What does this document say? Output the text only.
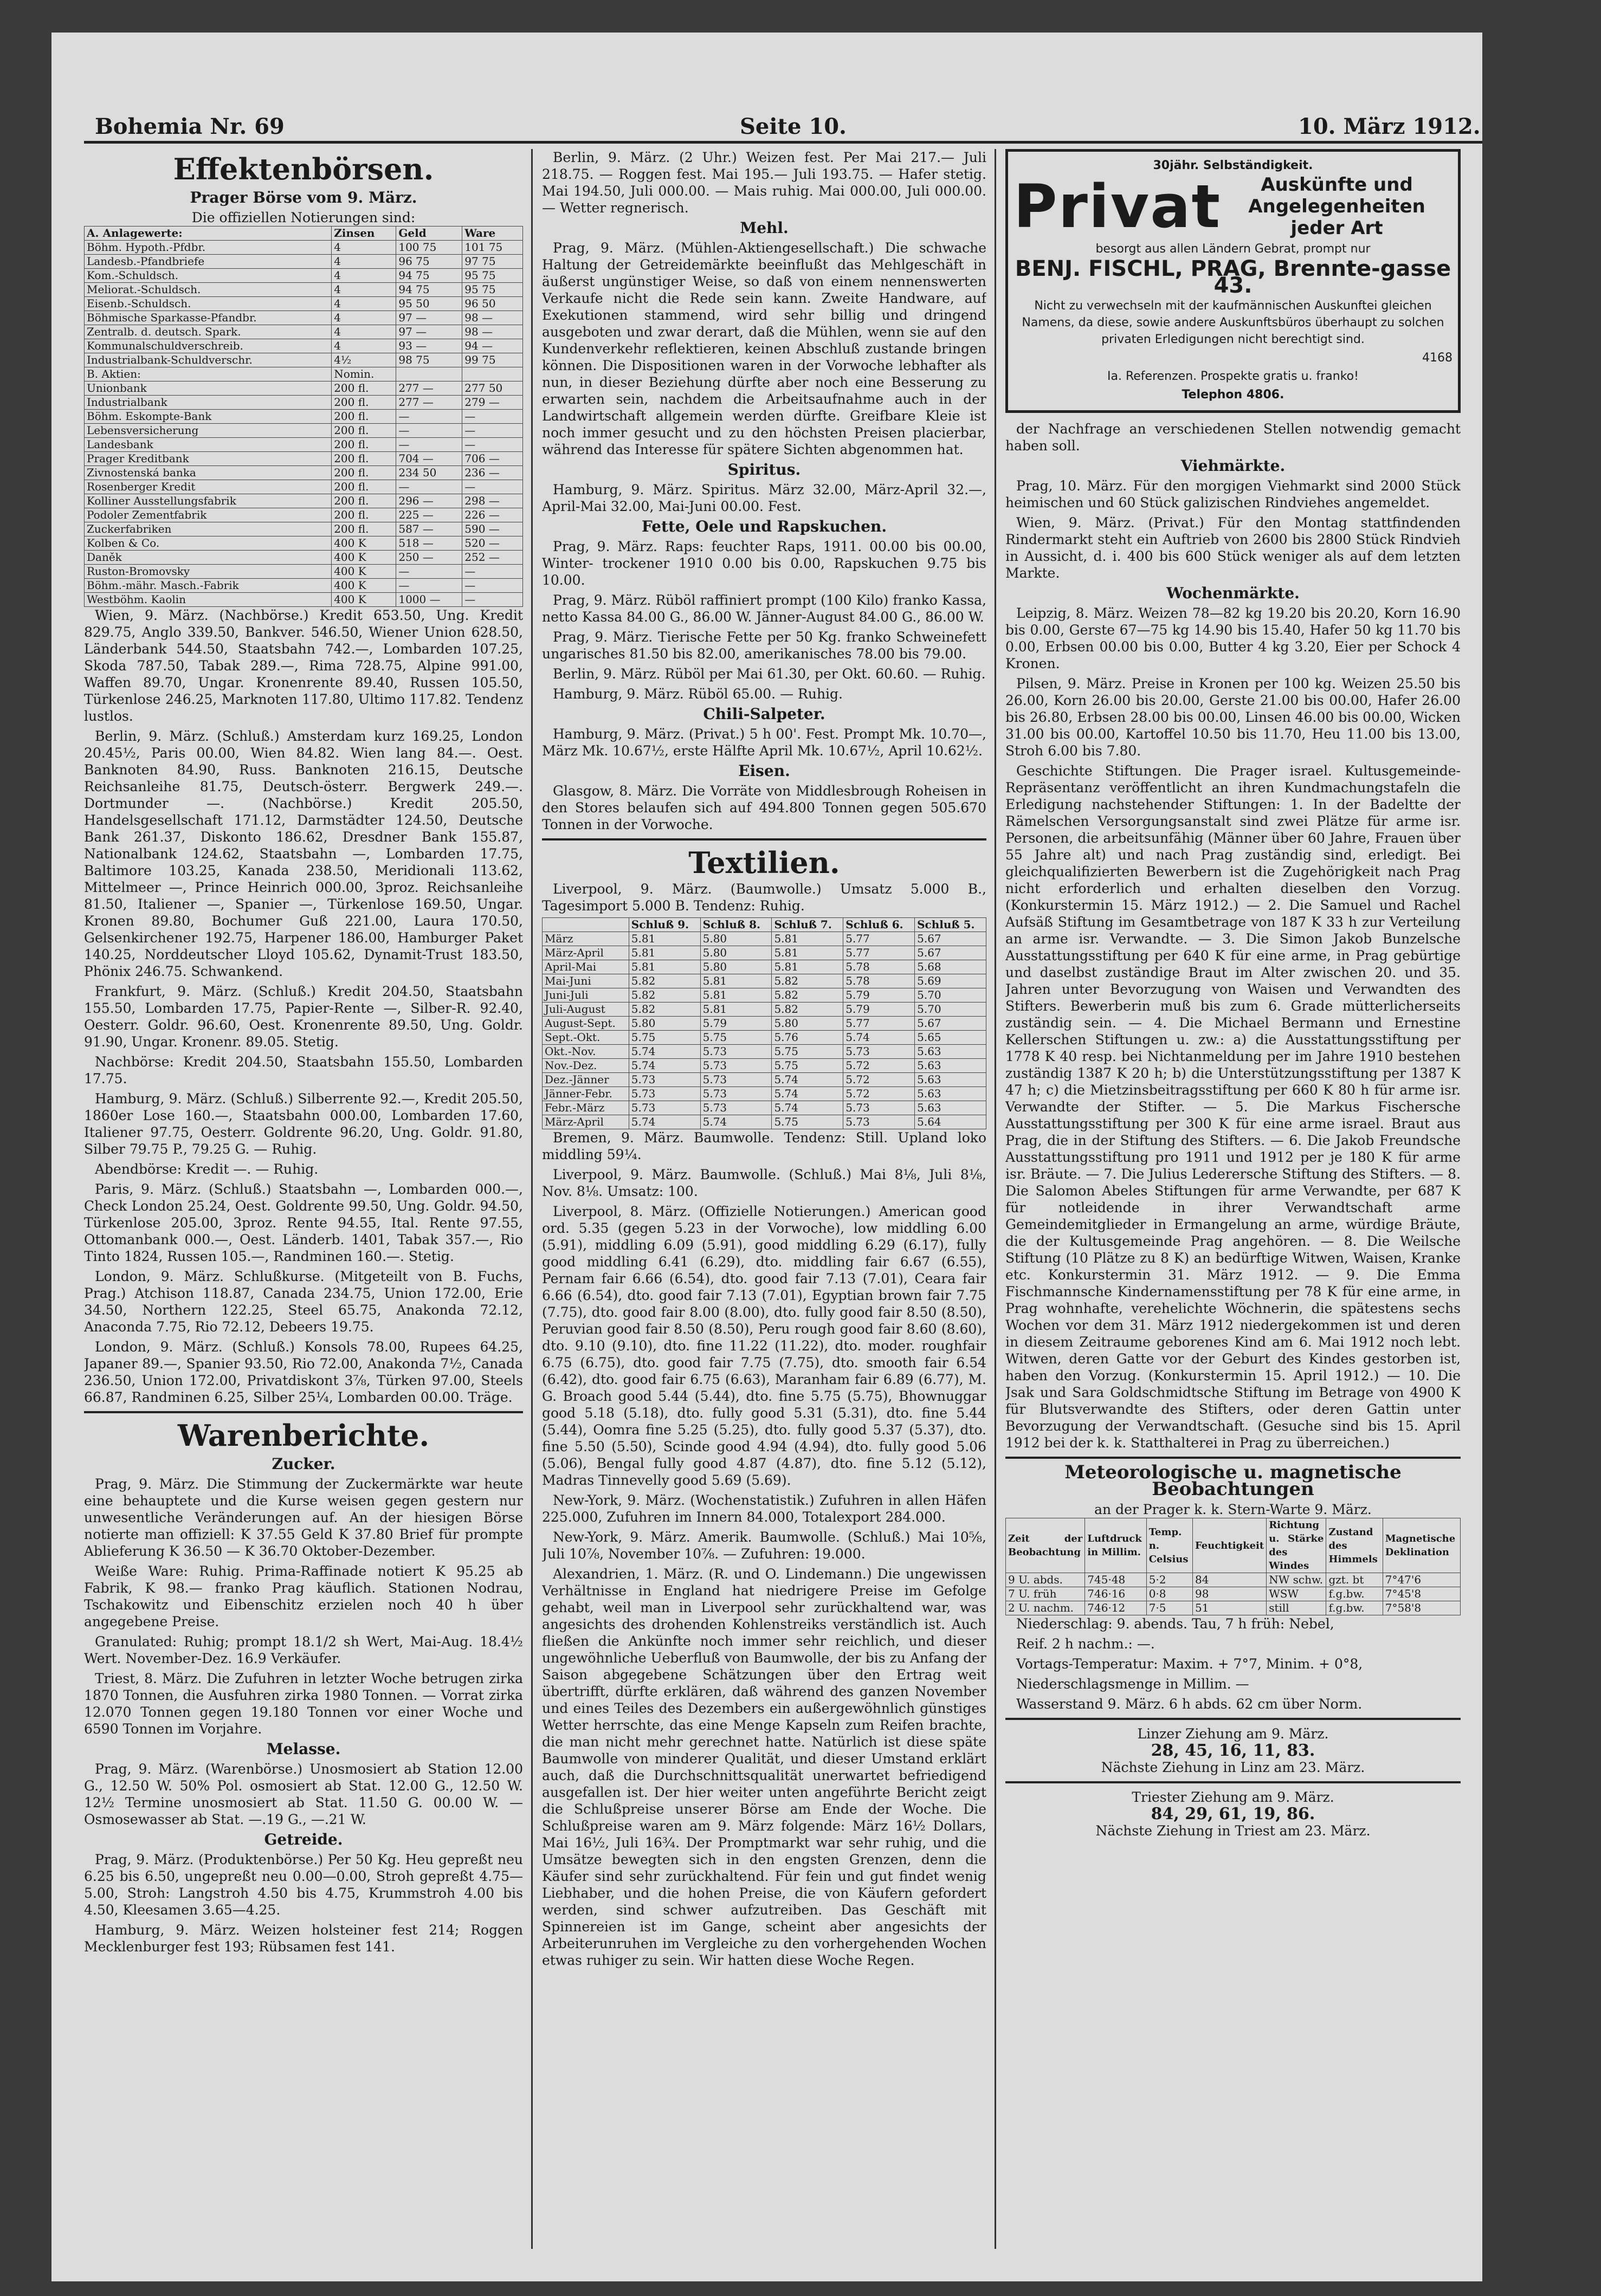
Bohemia Nr. 69	Seite 10.	10. März 1912.
Effektenbörsen.
Prager Börse vom 9. März.
Die offiziellen Notierungen sind:
A. Anlagewerte:	Zinsen	Geld	Ware
Böhm. Hypoth.-Pfdbr.	4	100 75	101 75
Landesb.-Pfandbriefe	4	96 75	97 75
Kom.-Schuldsch.	4	94 75	95 75
Meliorat.-Schuldsch.	4	94 75	95 75
Eisenb.-Schuldsch.	4	95 50	96 50
Böhmische Sparkasse-Pfandbr.	4	97 —	98 —
Zentralb. d. deutsch. Spark.	4	97 —	98 —
Kommunalschuldverschreib.	4	93 —	94 —
Industrialbank-Schuldverschr.	4½	98 75	99 75
B. Aktien:	Nomin.		
Unionbank	200 fl.	277 —	277 50
Industrialbank	200 fl.	277 —	279 —
Böhm. Eskompte-Bank	200 fl.	—	—
Lebensversicherung	200 fl.	—	—
Landesbank	200 fl.	—	—
Prager Kreditbank	200 fl.	704 —	706 —
Zivnostenská banka	200 fl.	234 50	236 —
Rosenberger Kredit	200 fl.	—	—
Kolliner Ausstellungsfabrik	200 fl.	296 —	298 —
Podoler Zementfabrik	200 fl.	225 —	226 —
Zuckerfabriken	200 fl.	587 —	590 —
Kolben & Co.	400 K	518 —	520 —
Daněk	400 K	250 —	252 —
Ruston-Bromovsky	400 K	—	—
Böhm.-mähr. Masch.-Fabrik	400 K	—	—
Westböhm. Kaolin	400 K	1000 —	—

Wien, 9. März. (Nachbörse.) Kredit 653.50, Ung. Kredit 829.75, Anglo 339.50, Bankver. 546.50, Wiener Union 628.50, Länderbank 544.50, Staatsbahn 742.—, Lombarden 107.25, Skoda 787.50, Tabak 289.—, Rima 728.75, Alpine 991.00, Waffen 89.70, Ungar. Kronenrente 89.40, Russen 105.50, Türkenlose 246.25, Marknoten 117.80, Ultimo 117.82. Tendenz lustlos.

Berlin, 9. März. (Schluß.) Amsterdam kurz 169.25, London 20.45½, Paris 00.00, Wien 84.82. Wien lang 84.—. Oest. Banknoten 84.90, Russ. Banknoten 216.15, Deutsche Reichsanleihe 81.75, Deutsch-österr. Bergwerk 249.—. Dortmunder —. (Nachbörse.) Kredit 205.50, Handelsgesellschaft 171.12, Darmstädter 124.50, Deutsche Bank 261.37, Diskonto 186.62, Dresdner Bank 155.87, Nationalbank 124.62, Staatsbahn —, Lombarden 17.75, Baltimore 103.25, Kanada 238.50, Meridionali 113.62, Mittelmeer —, Prince Heinrich 000.00, 3proz. Reichsanleihe 81.50, Italiener —, Spanier —, Türkenlose 169.50, Ungar. Kronen 89.80, Bochumer Guß 221.00, Laura 170.50, Gelsenkirchener 192.75, Harpener 186.00, Hamburger Paket 140.25, Norddeutscher Lloyd 105.62, Dynamit-Trust 183.50, Phönix 246.75. Schwankend.

Frankfurt, 9. März. (Schluß.) Kredit 204.50, Staatsbahn 155.50, Lombarden 17.75, Papier-Rente —, Silber-R. 92.40, Oesterr. Goldr. 96.60, Oest. Kronenrente 89.50, Ung. Goldr. 91.90, Ungar. Kronenr. 89.05. Stetig.

Nachbörse: Kredit 204.50, Staatsbahn 155.50, Lombarden 17.75.

Hamburg, 9. März. (Schluß.) Silberrente 92.—, Kredit 205.50, 1860er Lose 160.—, Staatsbahn 000.00, Lombarden 17.60, Italiener 97.75, Oesterr. Goldrente 96.20, Ung. Goldr. 91.80, Silber 79.75 P., 79.25 G. — Ruhig.

Abendbörse: Kredit —. — Ruhig.

Paris, 9. März. (Schluß.) Staatsbahn —, Lombarden 000.—, Check London 25.24, Oest. Goldrente 99.50, Ung. Goldr. 94.50, Türkenlose 205.00, 3proz. Rente 94.55, Ital. Rente 97.55, Ottomanbank 000.—, Oest. Länderb. 1401, Tabak 357.—, Rio Tinto 1824, Russen 105.—, Randminen 160.—. Stetig.

London, 9. März. Schlußkurse. (Mitgeteilt von B. Fuchs, Prag.) Atchison 118.87, Canada 234.75, Union 172.00, Erie 34.50, Northern 122.25, Steel 65.75, Anakonda 72.12, Anaconda 7.75, Rio 72.12, Debeers 19.75.

London, 9. März. (Schluß.) Konsols 78.00, Rupees 64.25, Japaner 89.—, Spanier 93.50, Rio 72.00, Anakonda 7½, Canada 236.50, Union 172.00, Privatdiskont 3⅞, Türken 97.00, Steels 66.87, Randminen 6.25, Silber 25¼, Lombarden 00.00. Träge.

Warenberichte.
Zucker.

Prag, 9. März. Die Stimmung der Zuckermärkte war heute eine behauptete und die Kurse weisen gegen gestern nur unwesentliche Veränderungen auf. An der hiesigen Börse notierte man offiziell: K 37.55 Geld K 37.80 Brief für prompte Ablieferung K 36.50 — K 36.70 Oktober-Dezember.

Weiße Ware: Ruhig. Prima-Raffinade notiert K 95.25 ab Fabrik, K 98.— franko Prag käuflich. Stationen Nodrau, Tschakowitz und Eibenschitz erzielen noch 40 h über angegebene Preise.

Granulated: Ruhig; prompt 18.1/2 sh Wert, Mai-Aug. 18.4½ Wert. November-Dez. 16.9 Verkäufer.

Triest, 8. März. Die Zufuhren in letzter Woche betrugen zirka 1870 Tonnen, die Ausfuhren zirka 1980 Tonnen. — Vorrat zirka 12.070 Tonnen gegen 19.180 Tonnen vor einer Woche und 6590 Tonnen im Vorjahre.

Melasse.

Prag, 9. März. (Warenbörse.) Unosmosiert ab Station 12.00 G., 12.50 W. 50% Pol. osmosiert ab Stat. 12.00 G., 12.50 W. 12½ Termine unosmosiert ab Stat. 11.50 G. 00.00 W. — Osmosewasser ab Stat. —.19 G., —.21 W.

Getreide.

Prag, 9. März. (Produktenbörse.) Per 50 Kg. Heu gepreßt neu 6.25 bis 6.50, ungepreßt neu 0.00—0.00, Stroh gepreßt 4.75—5.00, Stroh: Langstroh 4.50 bis 4.75, Krummstroh 4.00 bis 4.50, Kleesamen 3.65—4.25.

Hamburg, 9. März. Weizen holsteiner fest 214; Roggen Mecklenburger fest 193; Rübsamen fest 141.

Berlin, 9. März. (2 Uhr.) Weizen fest. Per Mai 217.— Juli 218.75. — Roggen fest. Mai 195.— Juli 193.75. — Hafer stetig. Mai 194.50, Juli 000.00. — Mais ruhig. Mai 000.00, Juli 000.00. — Wetter regnerisch.

Mehl.

Prag, 9. März. (Mühlen-Aktiengesellschaft.) Die schwache Haltung der Getreidemärkte beeinflußt das Mehlgeschäft in äußerst ungünstiger Weise, so daß von einem nennenswerten Verkaufe nicht die Rede sein kann. Zweite Handware, auf Exekutionen stammend, wird sehr billig und dringend ausgeboten und zwar derart, daß die Mühlen, wenn sie auf den Kundenverkehr reflektieren, keinen Abschluß zustande bringen können. Die Dispositionen waren in der Vorwoche lebhafter als nun, in dieser Beziehung dürfte aber noch eine Besserung zu erwarten sein, nachdem die Arbeitsaufnahme auch in der Landwirtschaft allgemein werden dürfte. Greifbare Kleie ist noch immer gesucht und zu den höchsten Preisen placierbar, während das Interesse für spätere Sichten abgenommen hat.

Spiritus.

Hamburg, 9. März. Spiritus. März 32.00, März-April 32.—, April-Mai 32.00, Mai-Juni 00.00. Fest.

Fette, Oele und Rapskuchen.

Prag, 9. März. Raps: feuchter Raps, 1911. 00.00 bis 00.00, Winter- trockener 1910 0.00 bis 0.00, Rapskuchen 9.75 bis 10.00.

Prag, 9. März. Rüböl raffiniert prompt (100 Kilo) franko Kassa, netto Kassa 84.00 G., 86.00 W. Jänner-August 84.00 G., 86.00 W.

Prag, 9. März. Tierische Fette per 50 Kg. franko Schweinefett ungarisches 81.50 bis 82.00, amerikanisches 78.00 bis 79.00.

Berlin, 9. März. Rüböl per Mai 61.30, per Okt. 60.60. — Ruhig.

Hamburg, 9. März. Rüböl 65.00. — Ruhig.

Chili-Salpeter.

Hamburg, 9. März. (Privat.) 5 h 00'. Fest. Prompt Mk. 10.70—, März Mk. 10.67½, erste Hälfte April Mk. 10.67½, April 10.62½.

Eisen.

Glasgow, 8. März. Die Vorräte von Middlesbrough Roheisen in den Stores belaufen sich auf 494.800 Tonnen gegen 505.670 Tonnen in der Vorwoche.

Textilien.

Liverpool, 9. März. (Baumwolle.) Umsatz 5.000 B., Tagesimport 5.000 B. Tendenz: Ruhig.

	Schluß 9.	Schluß 8.	Schluß 7.	Schluß 6.	Schluß 5.
März	5.81	5.80	5.81	5.77	5.67
März-April	5.81	5.80	5.81	5.77	5.67
April-Mai	5.81	5.80	5.81	5.78	5.68
Mai-Juni	5.82	5.81	5.82	5.78	5.69
Juni-Juli	5.82	5.81	5.82	5.79	5.70
Juli-August	5.82	5.81	5.82	5.79	5.70
August-Sept.	5.80	5.79	5.80	5.77	5.67
Sept.-Okt.	5.75	5.75	5.76	5.74	5.65
Okt.-Nov.	5.74	5.73	5.75	5.73	5.63
Nov.-Dez.	5.74	5.73	5.75	5.72	5.63
Dez.-Jänner	5.73	5.73	5.74	5.72	5.63
Jänner-Febr.	5.73	5.73	5.74	5.72	5.63
Febr.-März	5.73	5.73	5.74	5.73	5.63
März-April	5.74	5.74	5.75	5.73	5.64

Bremen, 9. März. Baumwolle. Tendenz: Still. Upland loko middling 59¼.

Liverpool, 9. März. Baumwolle. (Schluß.) Mai 8⅛, Juli 8⅛, Nov. 8⅛. Umsatz: 100.

Liverpool, 8. März. (Offizielle Notierungen.) American good ord. 5.35 (gegen 5.23 in der Vorwoche), low middling 6.00 (5.91), middling 6.09 (5.91), good middling 6.29 (6.17), fully good middling 6.41 (6.29), dto. middling fair 6.67 (6.55), Pernam fair 6.66 (6.54), dto. good fair 7.13 (7.01), Ceara fair 6.66 (6.54), dto. good fair 7.13 (7.01), Egyptian brown fair 7.75 (7.75), dto. good fair 8.00 (8.00), dto. fully good fair 8.50 (8.50), Peruvian good fair 8.50 (8.50), Peru rough good fair 8.60 (8.60), dto. 9.10 (9.10), dto. fine 11.22 (11.22), dto. moder. roughfair 6.75 (6.75), dto. good fair 7.75 (7.75), dto. smooth fair 6.54 (6.42), dto. good fair 6.75 (6.63), Maranham fair 6.89 (6.77), M. G. Broach good 5.44 (5.44), dto. fine 5.75 (5.75), Bhownuggar good 5.18 (5.18), dto. fully good 5.31 (5.31), dto. fine 5.44 (5.44), Oomra fine 5.25 (5.25), dto. fully good 5.37 (5.37), dto. fine 5.50 (5.50), Scinde good 4.94 (4.94), dto. fully good 5.06 (5.06), Bengal fully good 4.87 (4.87), dto. fine 5.12 (5.12), Madras Tinnevelly good 5.69 (5.69).

New-York, 9. März. (Wochenstatistik.) Zufuhren in allen Häfen 225.000, Zufuhren im Innern 84.000, Totalexport 284.000.

New-York, 9. März. Amerik. Baumwolle. (Schluß.) Mai 10⅝, Juli 10⅞, November 10⅞. — Zufuhren: 19.000.

Alexandrien, 1. März. (R. und O. Lindemann.) Die ungewissen Verhältnisse in England hat niedrigere Preise im Gefolge gehabt, weil man in Liverpool sehr zurückhaltend war, was angesichts des drohenden Kohlenstreiks verständlich ist. Auch fließen die Ankünfte noch immer sehr reichlich, und dieser ungewöhnliche Ueberfluß von Baumwolle, der bis zu Anfang der Saison abgegebene Schätzungen über den Ertrag weit übertrifft, dürfte erklären, daß während des ganzen November und eines Teiles des Dezembers ein außergewöhnlich günstiges Wetter herrschte, das eine Menge Kapseln zum Reifen brachte, die man nicht mehr gerechnet hatte. Natürlich ist diese späte Baumwolle von minderer Qualität, und dieser Umstand erklärt auch, daß die Durchschnittsqualität unerwartet befriedigend ausgefallen ist. Der hier weiter unten angeführte Bericht zeigt die Schlußpreise unserer Börse am Ende der Woche. Die Schlußpreise waren am 9. März folgende: März 16½ Dollars, Mai 16½, Juli 16¾. Der Promptmarkt war sehr ruhig, und die Umsätze bewegten sich in den engsten Grenzen, denn die Käufer sind sehr zurückhaltend. Für fein und gut findet wenig Liebhaber, und die hohen Preise, die von Käufern gefordert werden, sind schwer aufzutreiben. Das Geschäft mit Spinnereien ist im Gange, scheint aber angesichts der Arbeiterunruhen im Vergleiche zu den vorhergehenden Wochen etwas ruhiger zu sein. Wir hatten diese Woche Regen.

30jähr. Selbständigkeit.
Privat	Auskünfte und Angelegenheiten jeder Art
besorgt aus allen Ländern Gebrat, prompt nur
BENJ. FISCHL, PRAG, Brennte-gasse 43.
Nicht zu verwechseln mit der kaufmännischen Auskunftei gleichen Namens, da diese, sowie andere Auskunftsbüros überhaupt zu solchen privaten Erledigungen nicht berechtigt sind.
4168
Ia. Referenzen. Prospekte gratis u. franko!
Telephon 4806.

der Nachfrage an verschiedenen Stellen notwendig gemacht haben soll.

Viehmärkte.

Prag, 10. März. Für den morgigen Viehmarkt sind 2000 Stück heimischen und 60 Stück galizischen Rindviehes angemeldet.

Wien, 9. März. (Privat.) Für den Montag stattfindenden Rindermarkt steht ein Auftrieb von 2600 bis 2800 Stück Rindvieh in Aussicht, d. i. 400 bis 600 Stück weniger als auf dem letzten Markte.

Wochenmärkte.

Leipzig, 8. März. Weizen 78—82 kg 19.20 bis 20.20, Korn 16.90 bis 0.00, Gerste 67—75 kg 14.90 bis 15.40, Hafer 50 kg 11.70 bis 0.00, Erbsen 00.00 bis 0.00, Butter 4 kg 3.20, Eier per Schock 4 Kronen.

Pilsen, 9. März. Preise in Kronen per 100 kg. Weizen 25.50 bis 26.00, Korn 26.00 bis 20.00, Gerste 21.00 bis 00.00, Hafer 26.00 bis 26.80, Erbsen 28.00 bis 00.00, Linsen 46.00 bis 00.00, Wicken 31.00 bis 00.00, Kartoffel 10.50 bis 11.70, Heu 11.00 bis 13.00, Stroh 6.00 bis 7.80.

Geschichte Stiftungen. Die Prager israel. Kultusgemeinde-Repräsentanz veröffentlicht an ihren Kundmachungstafeln die Erledigung nachstehender Stiftungen: 1. In der Badeltte der Rämelschen Versorgungsanstalt sind zwei Plätze für arme isr. Personen, die arbeitsunfähig (Männer über 60 Jahre, Frauen über 55 Jahre alt) und nach Prag zuständig sind, erledigt. Bei gleichqualifizierten Bewerbern ist die Zugehörigkeit nach Prag nicht erforderlich und erhalten dieselben den Vorzug. (Konkurstermin 15. März 1912.) — 2. Die Samuel und Rachel Aufsäß Stiftung im Gesamtbetrage von 187 K 33 h zur Verteilung an arme isr. Verwandte. — 3. Die Simon Jakob Bunzelsche Ausstattungsstiftung per 640 K für eine arme, in Prag gebürtige und daselbst zuständige Braut im Alter zwischen 20. und 35. Jahren unter Bevorzugung von Waisen und Verwandten des Stifters. Bewerberin muß bis zum 6. Grade mütterlicherseits zuständig sein. — 4. Die Michael Bermann und Ernestine Kellerschen Stiftungen u. zw.: a) die Ausstattungsstiftung per 1778 K 40 resp. bei Nichtanmeldung per im Jahre 1910 bestehen zuständig 1387 K 20 h; b) die Unterstützungsstiftung per 1387 K 47 h; c) die Mietzinsbeitragsstiftung per 660 K 80 h für arme isr. Verwandte der Stifter. — 5. Die Markus Fischersche Ausstattungsstiftung per 300 K für eine arme israel. Braut aus Prag, die in der Stiftung des Stifters. — 6. Die Jakob Freundsche Ausstattungsstiftung pro 1911 und 1912 per je 180 K für arme isr. Bräute. — 7. Die Julius Lederersche Stiftung des Stifters. — 8. Die Salomon Abeles Stiftungen für arme Verwandte, per 687 K für notleidende in ihrer Verwandtschaft arme Gemeindemitglieder in Ermangelung an arme, würdige Bräute, die der Kultusgemeinde Prag angehören. — 8. Die Weilsche Stiftung (10 Plätze zu 8 K) an bedürftige Witwen, Waisen, Kranke etc. Konkurstermin 31. März 1912. — 9. Die Emma Fischmannsche Kindernamensstiftung per 78 K für eine arme, in Prag wohnhafte, verehelichte Wöchnerin, die spätestens sechs Wochen vor dem 31. März 1912 niedergekommen ist und deren in diesem Zeitraume geborenes Kind am 6. Mai 1912 noch lebt. Witwen, deren Gatte vor der Geburt des Kindes gestorben ist, haben den Vorzug. (Konkurstermin 15. April 1912.) — 10. Die Jsak und Sara Goldschmidtsche Stiftung im Betrage von 4900 K für Blutsverwandte des Stifters, oder deren Gattin unter Bevorzugung der Verwandtschaft. (Gesuche sind bis 15. April 1912 bei der k. k. Statthalterei in Prag zu überreichen.)

Meteorologische u. magnetische Beobachtungen
an der Prager k. k. Stern-Warte 9. März.
Zeit der Beobachtung	Luftdruck in Millim.	Temp. n. Celsius	Feuchtigkeit	Richtung u. Stärke des Windes	Zustand des Himmels	Magnetische Deklination
9 U. abds.	745·48	5·2	84	NW schw.	gzt. bt	7°47'6
7 U. früh	746·16	0·8	98	WSW	f.g.bw.	7°45'8
2 U. nachm.	746·12	7·5	51	still	f.g.bw.	7°58'8

Niederschlag: 9. abends. Tau, 7 h früh: Nebel,

Reif. 2 h nachm.: —.

Vortags-Temperatur: Maxim. + 7°7, Minim. + 0°8,

Niederschlagsmenge in Millim. —

Wasserstand 9. März. 6 h abds. 62 cm über Norm.

Linzer Ziehung am 9. März.
28, 45, 16, 11, 83.
Nächste Ziehung in Linz am 23. März.
Triester Ziehung am 9. März.
84, 29, 61, 19, 86.
Nächste Ziehung in Triest am 23. März.
